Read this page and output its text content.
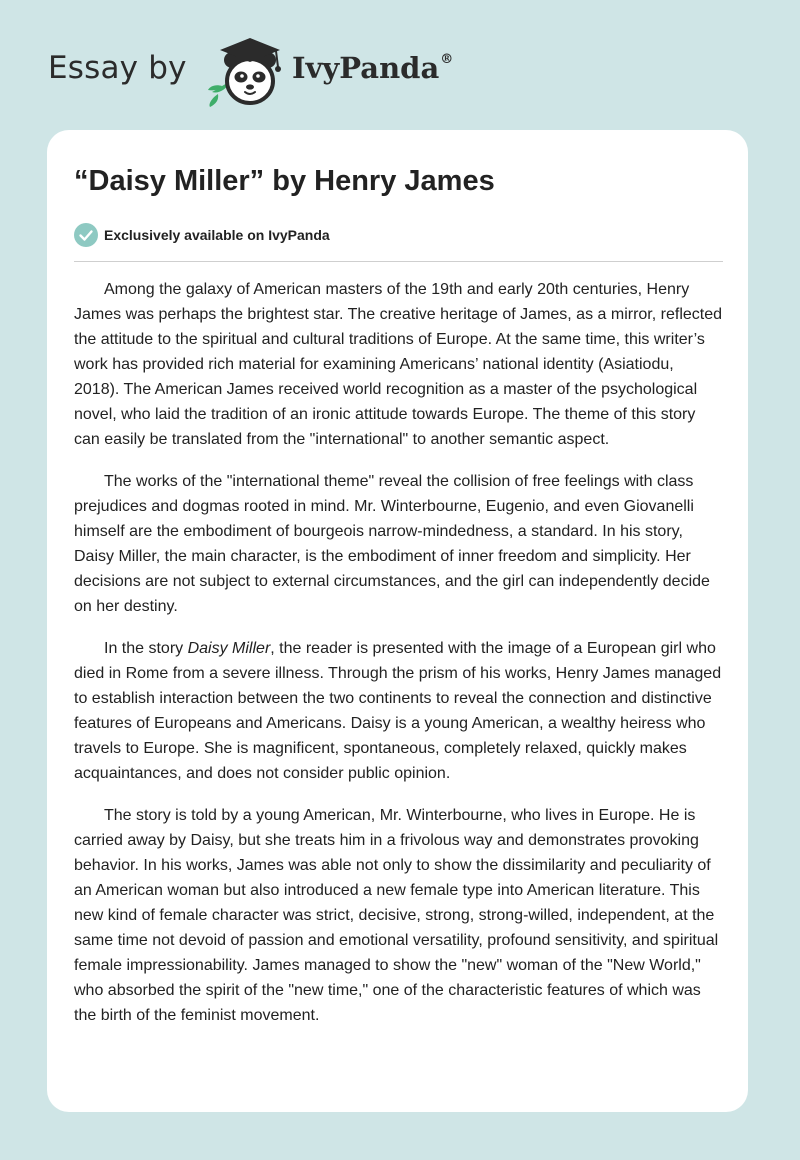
Essay by	IvyPanda®
“Daisy Miller” by Henry James
Exclusively available on IvyPanda

Among the galaxy of American masters of the 19th and early 20th centuries, Henry James was perhaps the brightest star. The creative heritage of James, as a mirror, reflected the attitude to the spiritual and cultural traditions of Europe. At the same time, this writer’s work has provided rich material for examining Americans’ national identity (Asiatiodu, 2018). The American James received world recognition as a master of the psychological novel, who laid the tradition of an ironic attitude towards Europe. The theme of this story can easily be translated from the "international" to another semantic aspect.

The works of the "international theme" reveal the collision of free feelings with class prejudices and dogmas rooted in mind. Mr. Winterbourne, Eugenio, and even Giovanelli himself are the embodiment of bourgeois narrow-mindedness, a standard. In his story, Daisy Miller, the main character, is the embodiment of inner freedom and simplicity. Her decisions are not subject to external circumstances, and the girl can independently decide on her destiny.

In the story Daisy Miller, the reader is presented with the image of a European girl who died in Rome from a severe illness. Through the prism of his works, Henry James managed to establish interaction between the two continents to reveal the connection and distinctive features of Europeans and Americans. Daisy is a young American, a wealthy heiress who travels to Europe. She is magnificent, spontaneous, completely relaxed, quickly makes acquaintances, and does not consider public opinion.

The story is told by a young American, Mr. Winterbourne, who lives in Europe. He is carried away by Daisy, but she treats him in a frivolous way and demonstrates provoking behavior. In his works, James was able not only to show the dissimilarity and peculiarity of an American woman but also introduced a new female type into American literature. This new kind of female character was strict, decisive, strong, strong-willed, independent, at the same time not devoid of passion and emotional versatility, profound sensitivity, and spiritual female impressionability. James managed to show the "new" woman of the "New World," who absorbed the spirit of the "new time," one of the characteristic features of which was the birth of the feminist movement.
